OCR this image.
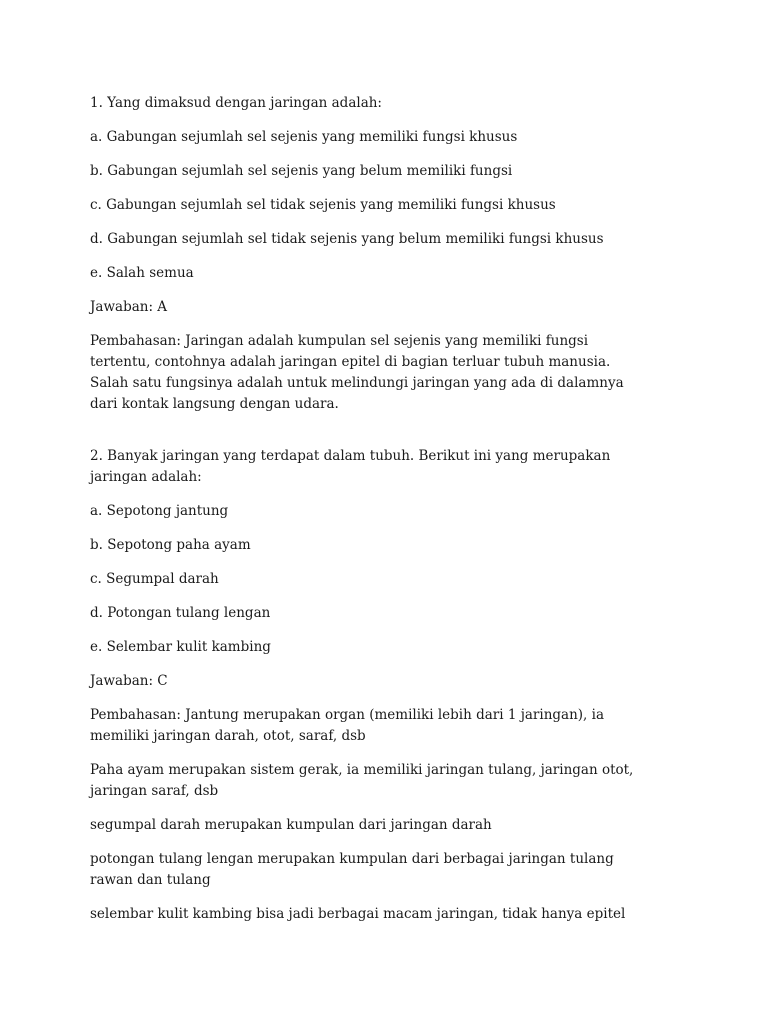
1. Yang dimaksud dengan jaringan adalah:

a. Gabungan sejumlah sel sejenis yang memiliki fungsi khusus

b. Gabungan sejumlah sel sejenis yang belum memiliki fungsi

c. Gabungan sejumlah sel tidak sejenis yang memiliki fungsi khusus

d. Gabungan sejumlah sel tidak sejenis yang belum memiliki fungsi khusus

e. Salah semua

Jawaban: A

Pembahasan: Jaringan adalah kumpulan sel sejenis yang memiliki fungsi tertentu, contohnya adalah jaringan epitel di bagian terluar tubuh manusia. Salah satu fungsinya adalah untuk melindungi jaringan yang ada di dalamnya dari kontak langsung dengan udara.

2. Banyak jaringan yang terdapat dalam tubuh. Berikut ini yang merupakan jaringan adalah:

a. Sepotong jantung

b. Sepotong paha ayam

c. Segumpal darah

d. Potongan tulang lengan

e. Selembar kulit kambing

Jawaban: C

Pembahasan: Jantung merupakan organ (memiliki lebih dari 1 jaringan), ia memiliki jaringan darah, otot, saraf, dsb

Paha ayam merupakan sistem gerak, ia memiliki jaringan tulang, jaringan otot, jaringan saraf, dsb

segumpal darah merupakan kumpulan dari jaringan darah

potongan tulang lengan merupakan kumpulan dari berbagai jaringan tulang rawan dan tulang

selembar kulit kambing bisa jadi berbagai macam jaringan, tidak hanya epitel
